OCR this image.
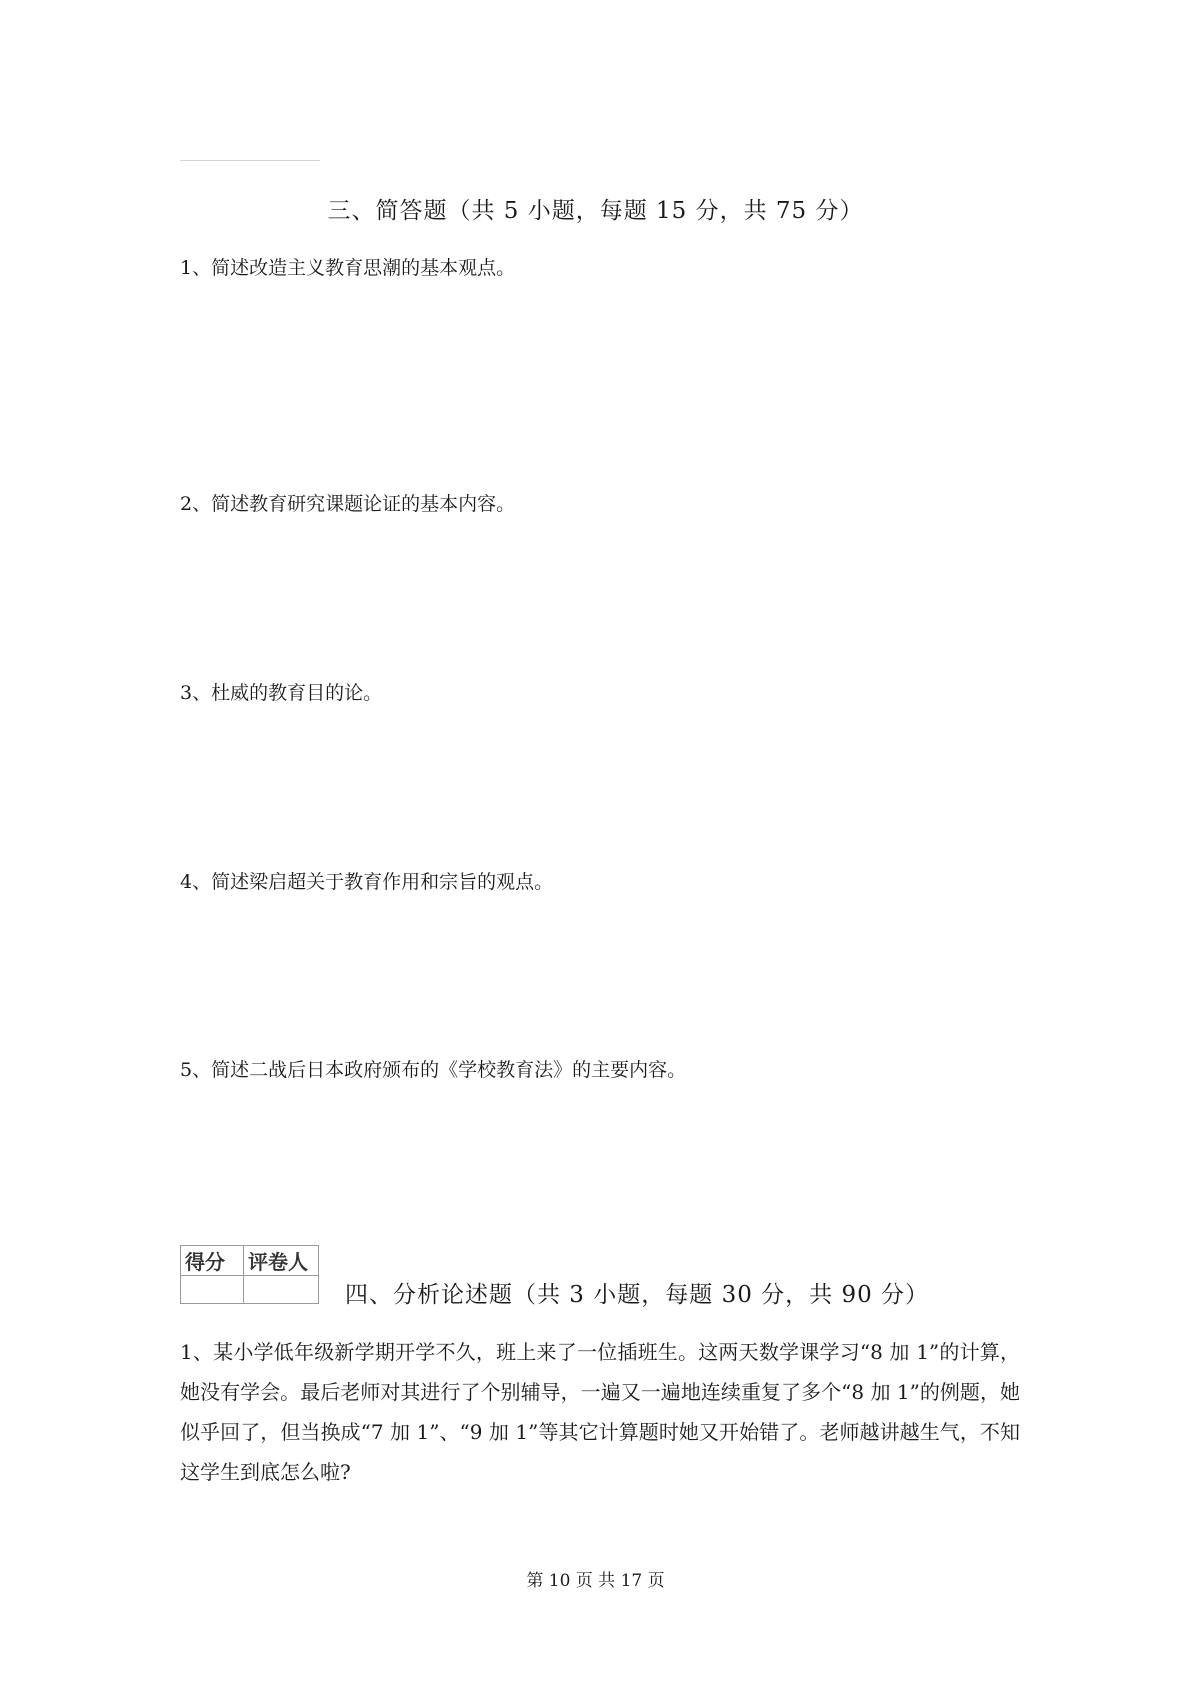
三、简答题（共 5 小题，每题 15 分，共 75 分）
1、简述改造主义教育思潮的基本观点。
2、简述教育研究课题论证的基本内容。
3、杜威的教育目的论。
4、简述梁启超关于教育作用和宗旨的观点。
5、简述二战后日本政府颁布的《学校教育法》的主要内容。
得分	评卷人

四、分析论述题（共 3 小题，每题 30 分，共 90 分）
1、某小学低年级新学期开学不久，班上来了一位插班生。这两天数学课学习“8 加 1”的计算，她没有学会。最后老师对其进行了个别辅导，一遍又一遍地连续重复了多个“8 加 1”的例题，她似乎回了，但当换成“7 加 1”、“9 加 1”等其它计算题时她又开始错了。老师越讲越生气，不知这学生到底怎么啦?
第 10 页 共 17 页
